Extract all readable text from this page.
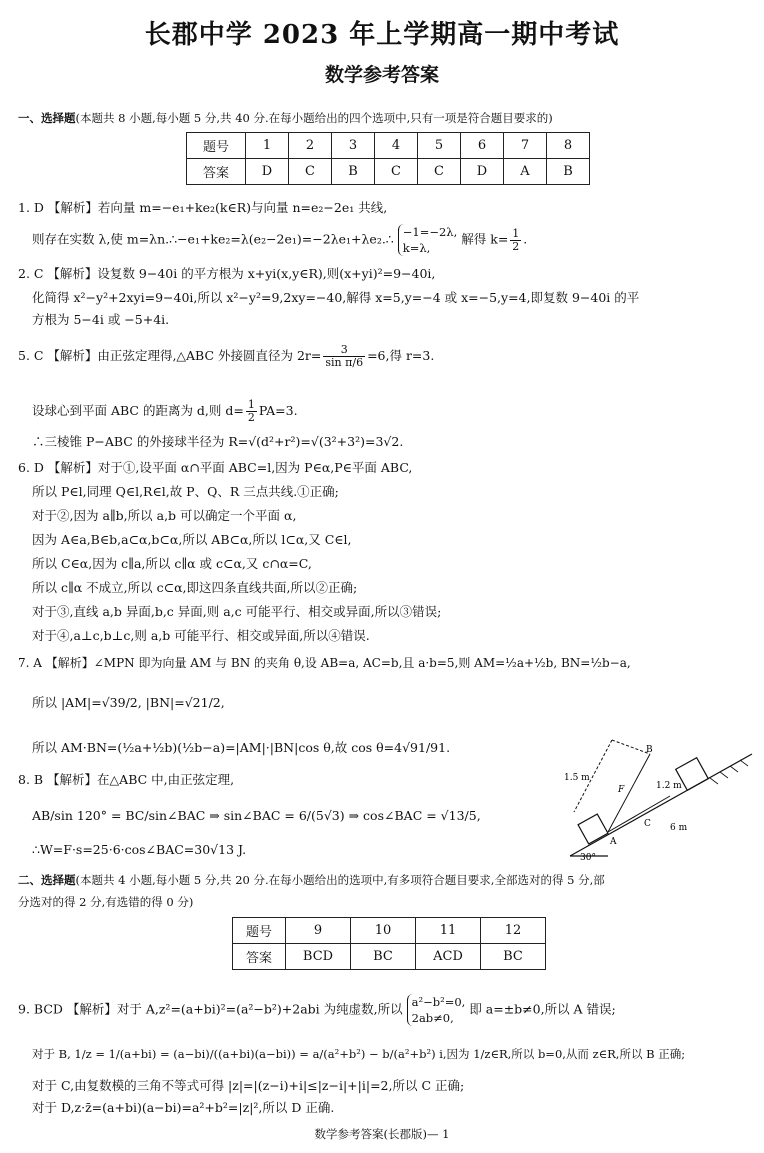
长郡中学 2023 年上学期高一期中考试
数学参考答案
一、选择题(本题共 8 小题,每小题 5 分,共 40 分.在每小题给出的四个选项中,只有一项是符合题目要求的)
题号	1	2	3	4	5	6	7	8
答案	D	C	B	C	C	D	A	B
1. D 【解析】若向量 m=−e₁+ke₂(k∈R)与向量 n=e₂−2e₁ 共线,
则存在实数 λ,使 m=λn.∴−e₁+ke₂=λ(e₂−2e₁)=−2λe₁+λe₂.∴ −1=−2λ,
k=λ,解得 $k= \frac{1}{2}$ .
2. C 【解析】设复数 9−40i 的平方根为 x+yi(x,y∈R),则(x+yi)²=9−40i,
化简得 x²−y²+2xyi=9−40i,所以 x²−y²=9,2xy=−40,解得 x=5,y=−4 或 x=−5,y=4,即复数 9−40i 的平
方根为 5−4i 或 −5+4i.
5. C 【解析】由正弦定理得,△ABC 外接圆直径为 $2r= \frac{3}{\text{sin π/6}} =6$,得 r=3.
设球心到平面 ABC 的距离为 d,则 $d= \frac{1}{2} PA=3$.
∴三棱锥 P−ABC 的外接球半径为 R=√(d²+r²)=√(3²+3²)=3√2.
6. D 【解析】对于①,设平面 α∩平面 ABC=l,因为 P∈α,P∈平面 ABC,
所以 P∈l,同理 Q∈l,R∈l,故 P、Q、R 三点共线.①正确;
对于②,因为 a∥b,所以 a,b 可以确定一个平面 α,
因为 A∈a,B∈b,a⊂α,b⊂α,所以 AB⊂α,所以 l⊂α,又 C∈l,
所以 C∈α,因为 c∥a,所以 c∥α 或 c⊂α,又 c∩α=C,
所以 c∥α 不成立,所以 c⊂α,即这四条直线共面,所以②正确;
对于③,直线 a,b 异面,b,c 异面,则 a,c 可能平行、相交或异面,所以③错误;
对于④,a⊥c,b⊥c,则 a,b 可能平行、相交或异面,所以④错误.
7. A 【解析】∠MPN 即为向量 AM 与 BN 的夹角 θ,设 AB=a, AC=b,且 a·b=5,则 AM=½a+½b, BN=½b−a,
所以 |AM|=√39/2, |BN|=√21/2,
所以 AM·BN=(½a+½b)(½b−a)=|AM|·|BN|cos θ,故 cos θ=4√91/91.
8. B 【解析】在△ABC 中,由正弦定理,
AB/sin 120° = BC/sin∠BAC ⇒ sin∠BAC = 6/(5√3) ⇒ cos∠BAC = √13/5,
∴W=F·s=25·6·cos∠BAC=30√13 J.
B
1.5 m
1.2 m
F
C 6 m
A
30°
二、选择题(本题共 4 小题,每小题 5 分,共 20 分.在每小题给出的选项中,有多项符合题目要求,全部选对的得 5 分,部
分选对的得 2 分,有选错的得 0 分)
题号	9	10	11	12
答案	BCD	BC	ACD	BC
9. BCD 【解析】对于 A,z²=(a+bi)²=(a²−b²)+2abi 为纯虚数,所以 a²−b²=0,
2ab≠0,即 a=±b≠0,所以 A 错误;
对于 B, 1/z = 1/(a+bi) = (a−bi)/((a+bi)(a−bi)) = a/(a²+b²) − b/(a²+b²) i,因为 1/z∈R,所以 b=0,从而 z∈R,所以 B 正确;
对于 C,由复数模的三角不等式可得 |z|=|(z−i)+i|≤|z−i|+|i|=2,所以 C 正确;
对于 D,z·z̄=(a+bi)(a−bi)=a²+b²=|z|²,所以 D 正确.
数学参考答案(长郡版)— 1
